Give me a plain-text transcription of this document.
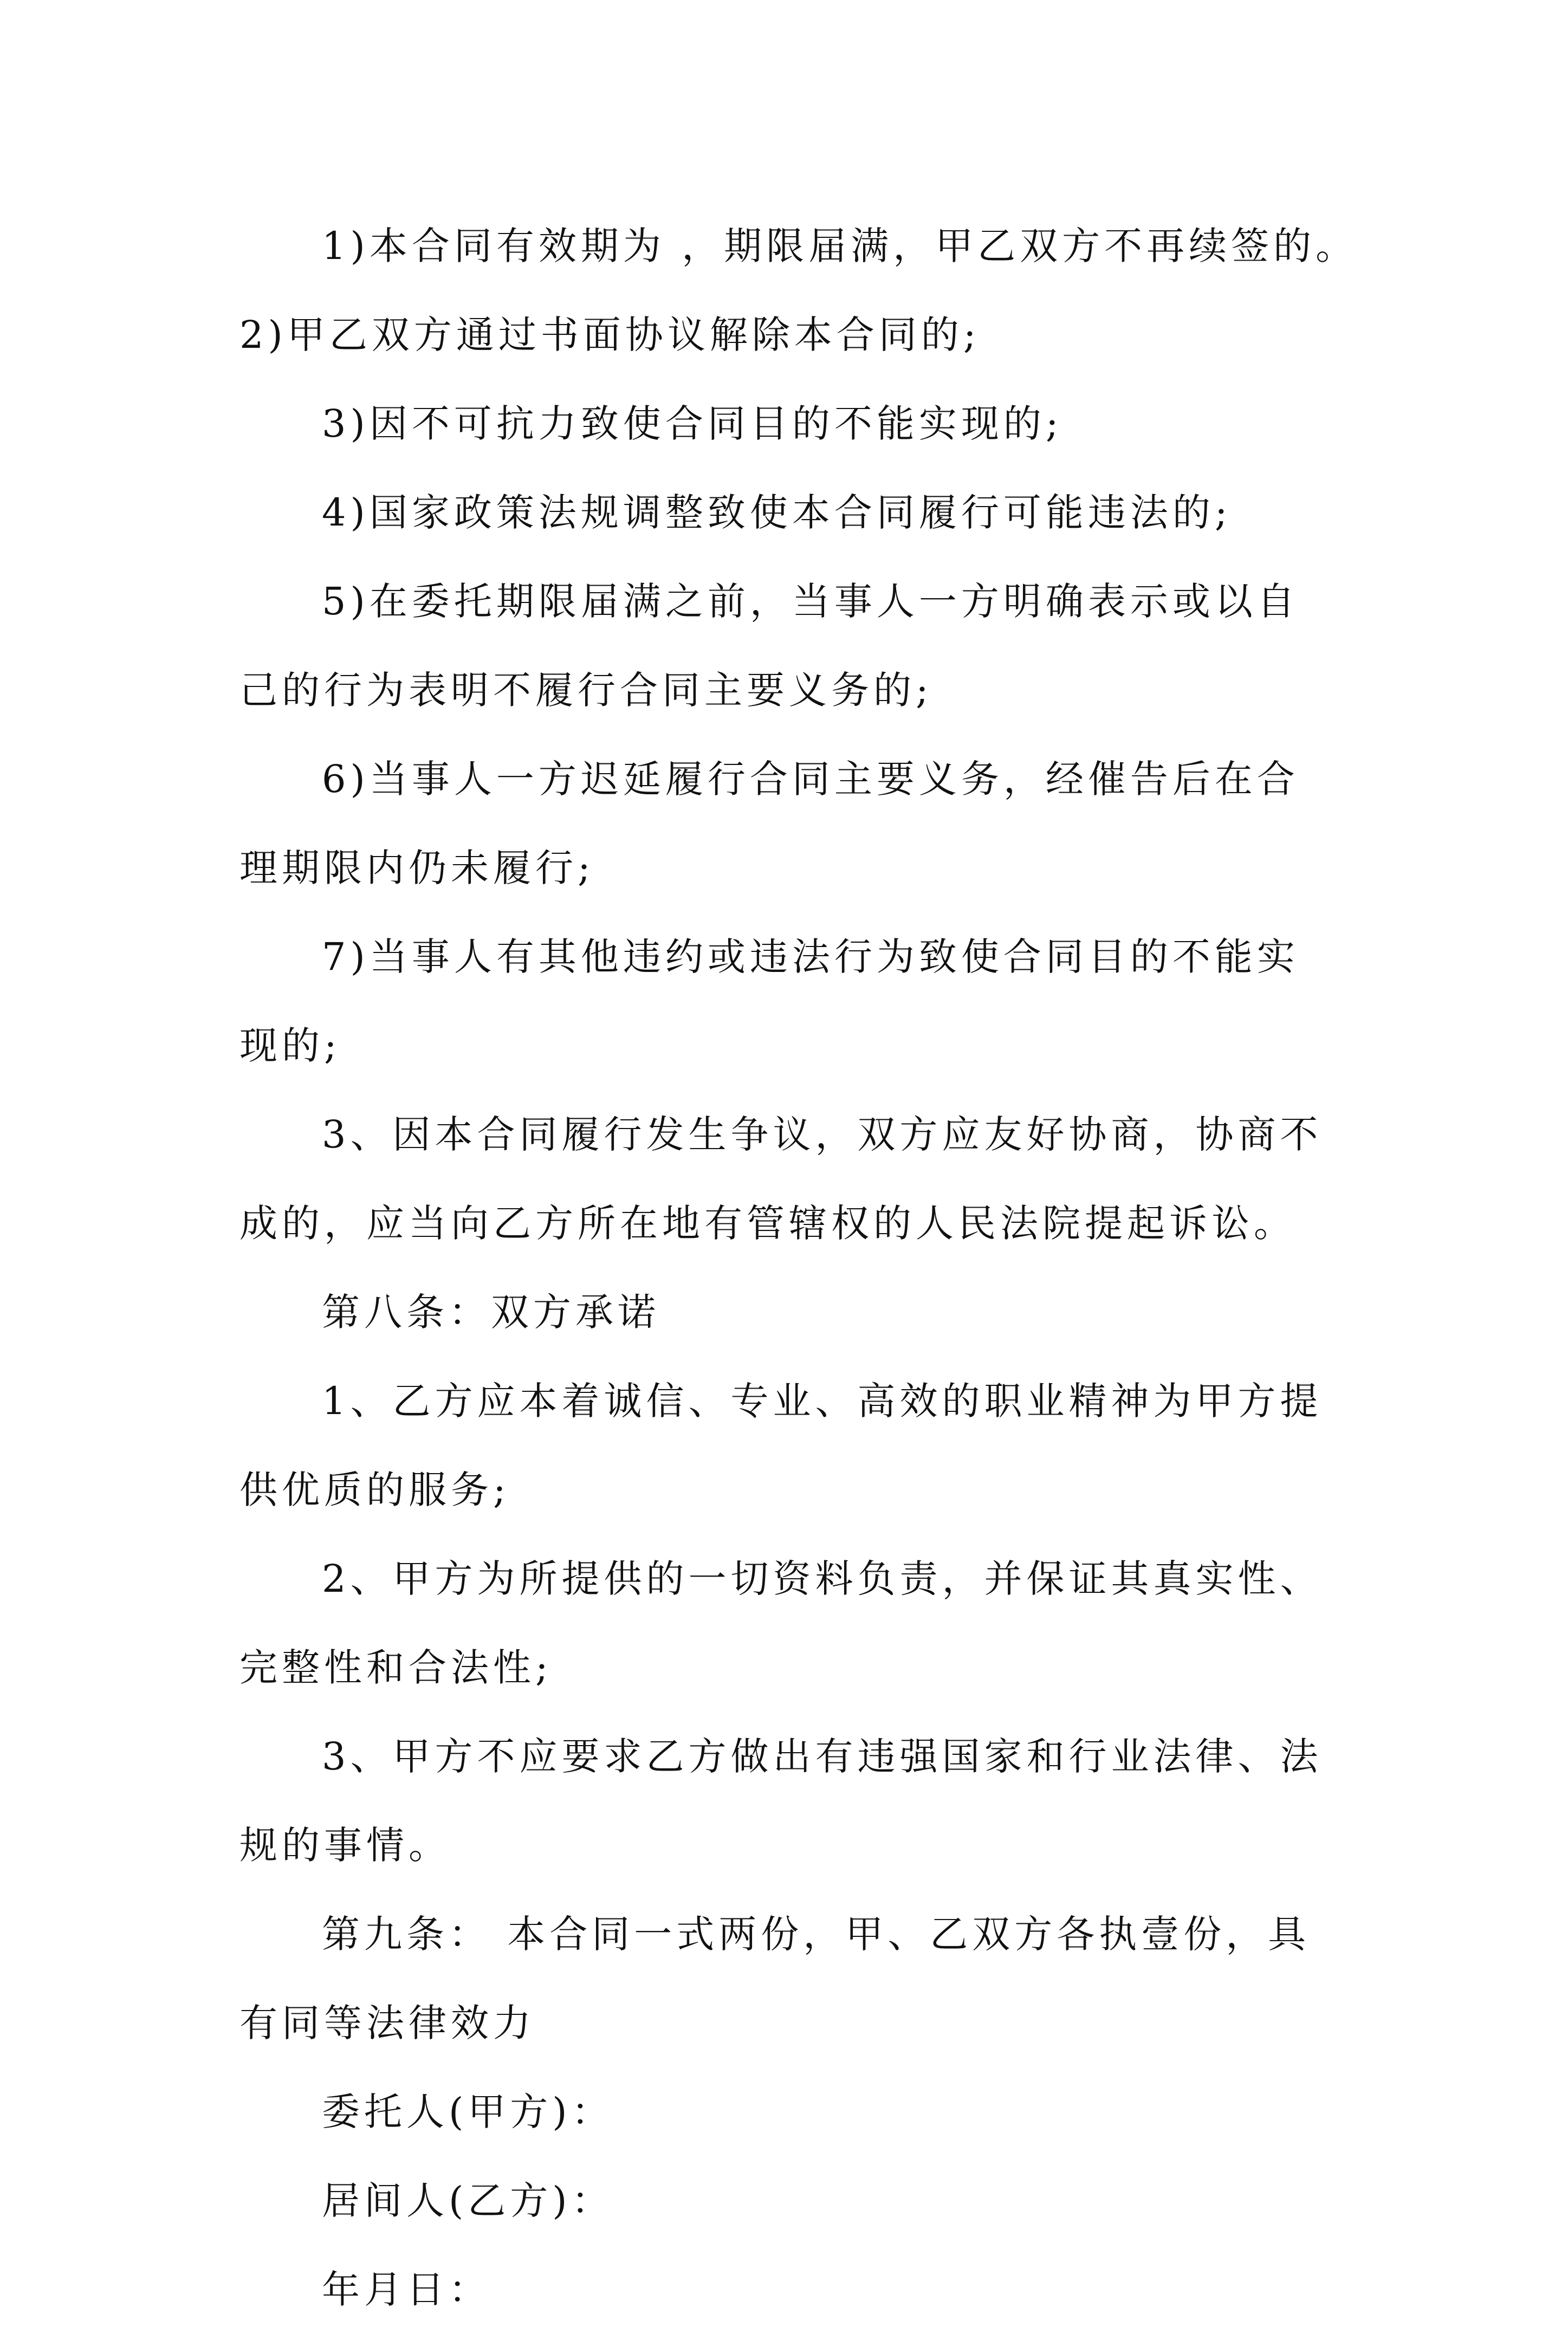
1)本合同有效期为 ，期限届满，甲乙双方不再续签的。

2)甲乙双方通过书面协议解除本合同的;

3)因不可抗力致使合同目的不能实现的;

4)国家政策法规调整致使本合同履行可能违法的;

5)在委托期限届满之前，当事人一方明确表示或以自己的行为表明不履行合同主要义务的;

6)当事人一方迟延履行合同主要义务，经催告后在合理期限内仍未履行;

7)当事人有其他违约或违法行为致使合同目的不能实现的;

3、因本合同履行发生争议，双方应友好协商，协商不成的，应当向乙方所在地有管辖权的人民法院提起诉讼。

第八条：双方承诺

1、乙方应本着诚信、专业、高效的职业精神为甲方提供优质的服务;

2、甲方为所提供的一切资料负责，并保证其真实性、完整性和合法性;

3、甲方不应要求乙方做出有违强国家和行业法律、法规的事情。

第九条： 本合同一式两份，甲、乙双方各执壹份，具有同等法律效力

委托人(甲方)：

居间人(乙方)：

年月日：
